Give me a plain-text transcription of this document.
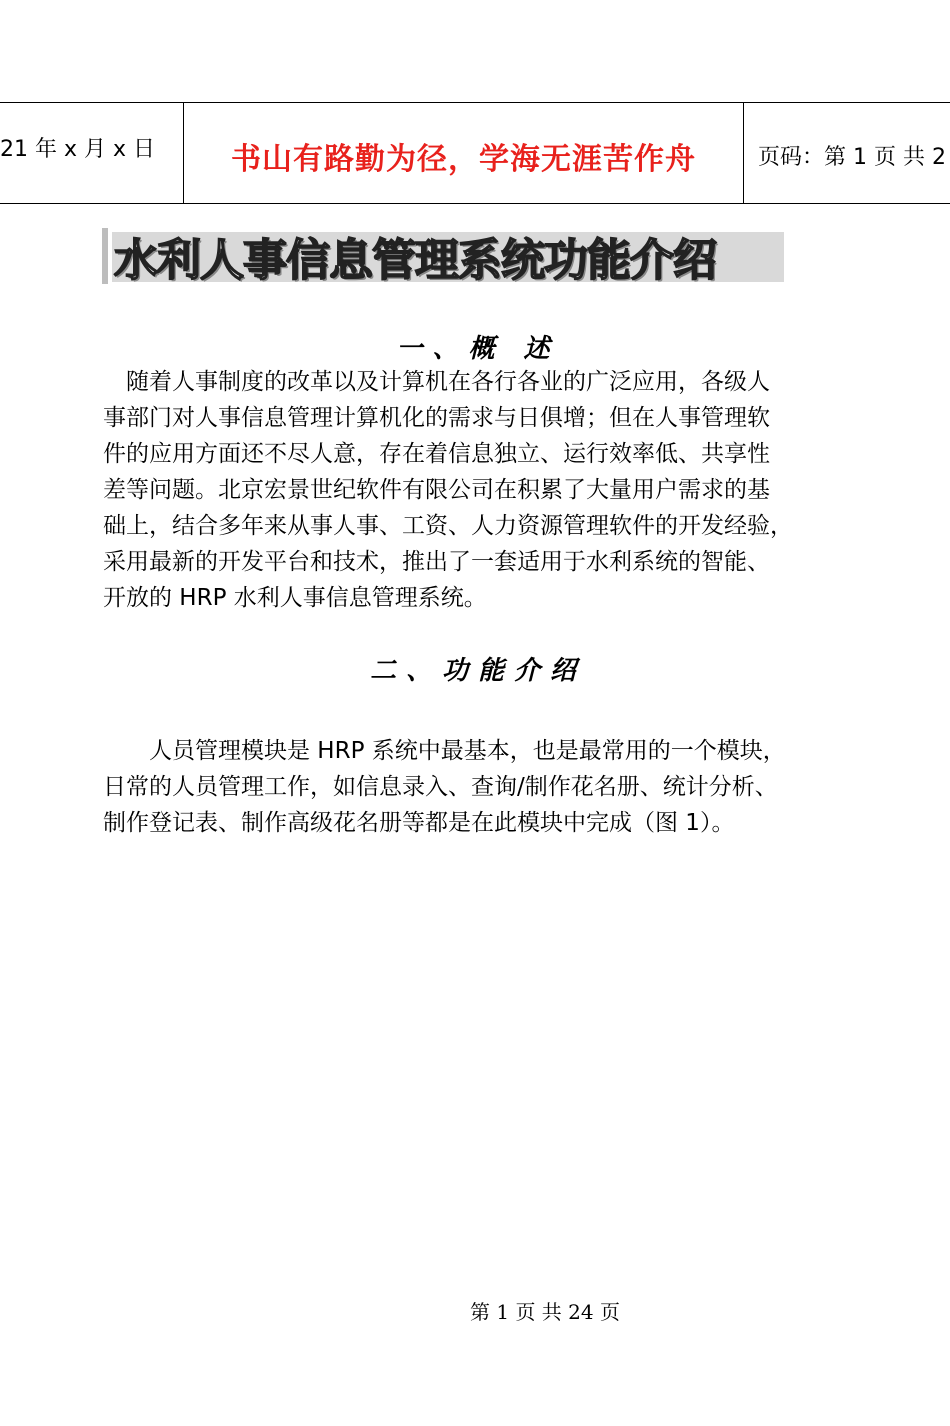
21 年 x 月 x 日	书山有路勤为径，学海无涯苦作舟	页码：第 1 页 共 2
水利人事信息管理系统功能介绍
一、概 述
　随着人事制度的改革以及计算机在各行各业的广泛应用，各级人
事部门对人事信息管理计算机化的需求与日俱增；但在人事管理软
件的应用方面还不尽人意，存在着信息独立、运行效率低、共享性
差等问题。北京宏景世纪软件有限公司在积累了大量用户需求的基
础上，结合多年来从事人事、工资、人力资源管理软件的开发经验，
采用最新的开发平台和技术，推出了一套适用于水利系统的智能、
开放的 HRP 水利人事信息管理系统。
二、功能介绍
　　人员管理模块是 HRP 系统中最基本，也是最常用的一个模块，
日常的人员管理工作，如信息录入、查询/制作花名册、统计分析、
制作登记表、制作高级花名册等都是在此模块中完成（图 1）。
第 1 页 共 24 页
